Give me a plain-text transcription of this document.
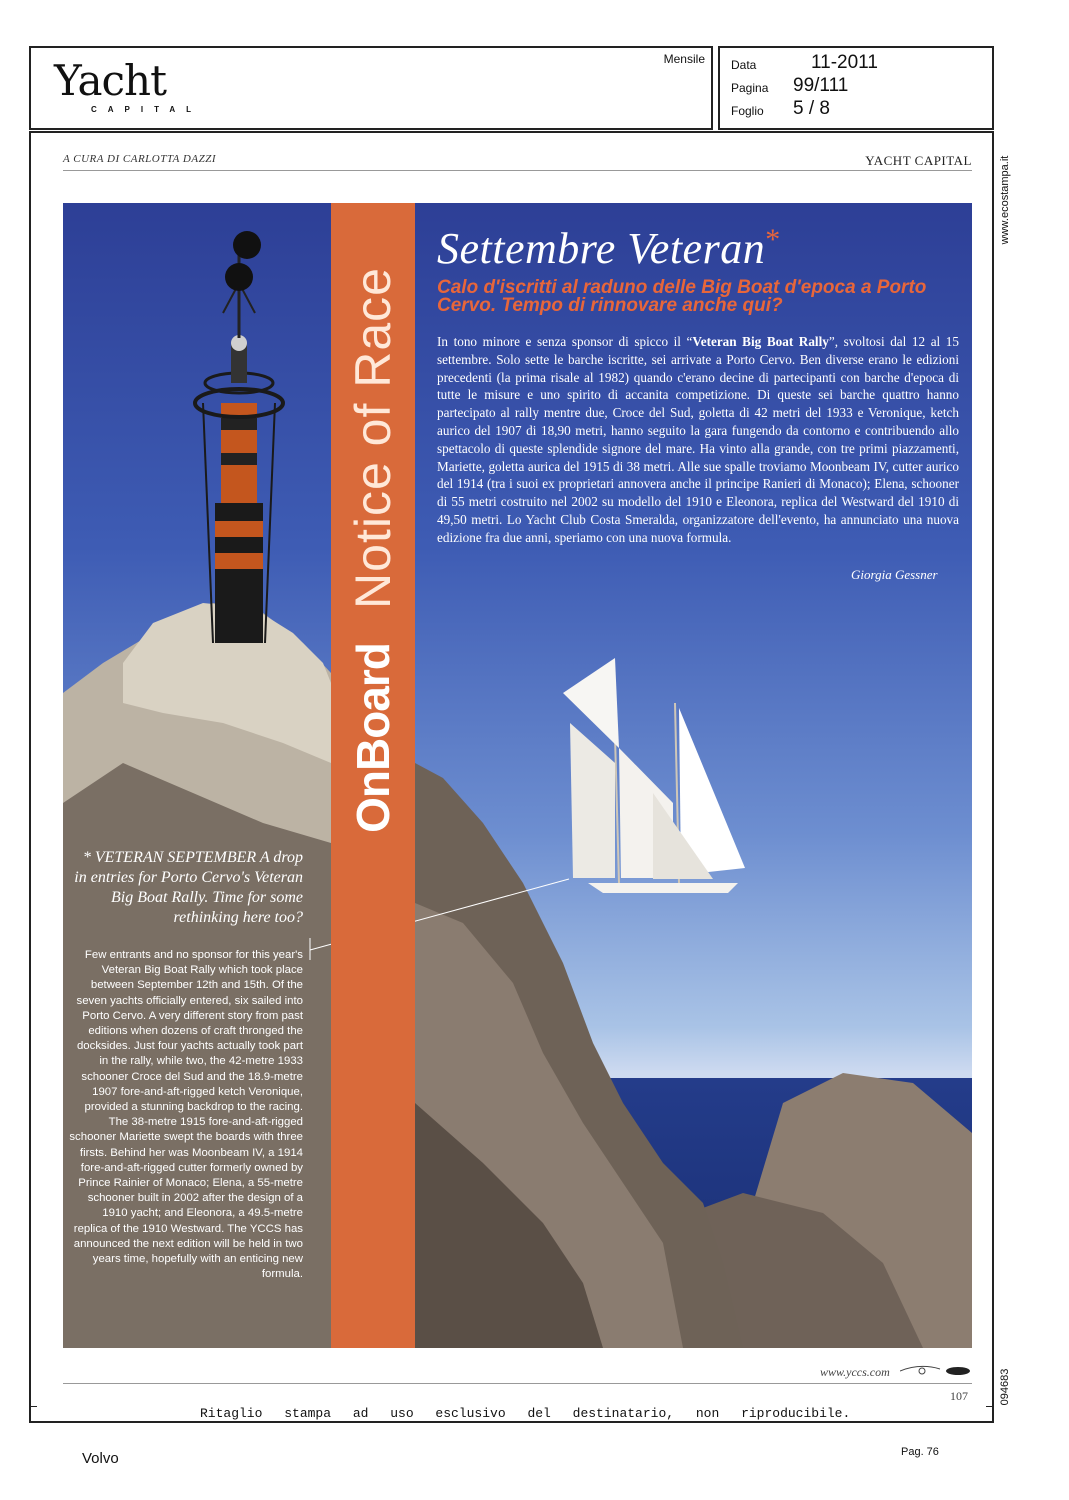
Yacht
CAPITAL
Mensile Data	11-2011
Pagina 99/111
Foglio 5 / 8
www.ecostampa.it
094683
A CURA DI CARLOTTA DAZZI	YACHT CAPITAL
Notice of Race
OnBoard
Settembre Veteran*
Calo d'iscritti al raduno delle Big Boat d'epoca a Porto Cervo. Tempo di rinnovare anche qui?
In tono minore e senza sponsor di spicco il “Veteran Big Boat Rally”, svoltosi dal 12 al 15 settembre. Solo sette le barche iscritte, sei arrivate a Porto Cervo. Ben diverse erano le edizioni precedenti (la prima risale al 1982) quando c'erano decine di partecipanti con barche d'epoca di tutte le misure e uno spirito di accanita competizione. Di queste sei barche quattro hanno partecipato al rally mentre due, Croce del Sud, goletta di 42 metri del 1933 e Veronique, ketch aurico del 1907 di 18,90 metri, hanno seguito la gara fungendo da contorno e contribuendo allo spettacolo di queste splendide signore del mare. Ha vinto alla grande, con tre primi piazzamenti, Mariette, goletta aurica del 1915 di 38 metri. Alle sue spalle troviamo Moonbeam IV, cutter aurico del 1914 (tra i suoi ex proprietari annovera anche il principe Ranieri di Monaco); Elena, schooner di 55 metri costruito nel 2002 su modello del 1910 e Eleonora, replica del Westward del 1910 di 49,50 metri. Lo Yacht Club Costa Smeralda, organizzatore dell'evento, ha annunciato una nuova edizione fra due anni, speriamo con una nuova formula.
Giorgia Gessner
* VETERAN SEPTEMBER A drop in entries for Porto Cervo's Veteran Big Boat Rally. Time for some rethinking here too?
Few entrants and no sponsor for this year's Veteran Big Boat Rally which took place between September 12th and 15th. Of the seven yachts officially entered, six sailed into Porto Cervo. A very different story from past editions when dozens of craft thronged the docksides. Just four yachts actually took part in the rally, while two, the 42-metre 1933 schooner Croce del Sud and the 18.9-metre 1907 fore-and-aft-rigged ketch Veronique, provided a stunning backdrop to the racing. The 38-metre 1915 fore-and-aft-rigged schooner Mariette swept the boards with three firsts. Behind her was Moonbeam IV, a 1914 fore-and-aft-rigged cutter formerly owned by Prince Rainier of Monaco; Elena, a 55-metre schooner built in 2002 after the design of a 1910 yacht; and Eleonora, a 49.5-metre replica of the 1910 Westward. The YCCS has announced the next edition will be held in two years time, hopefully with an enticing new formula.
www.yccs.com
107
Ritaglio stampa ad uso esclusivo del destinatario, non riproducibile.
Volvo	Pag. 76
